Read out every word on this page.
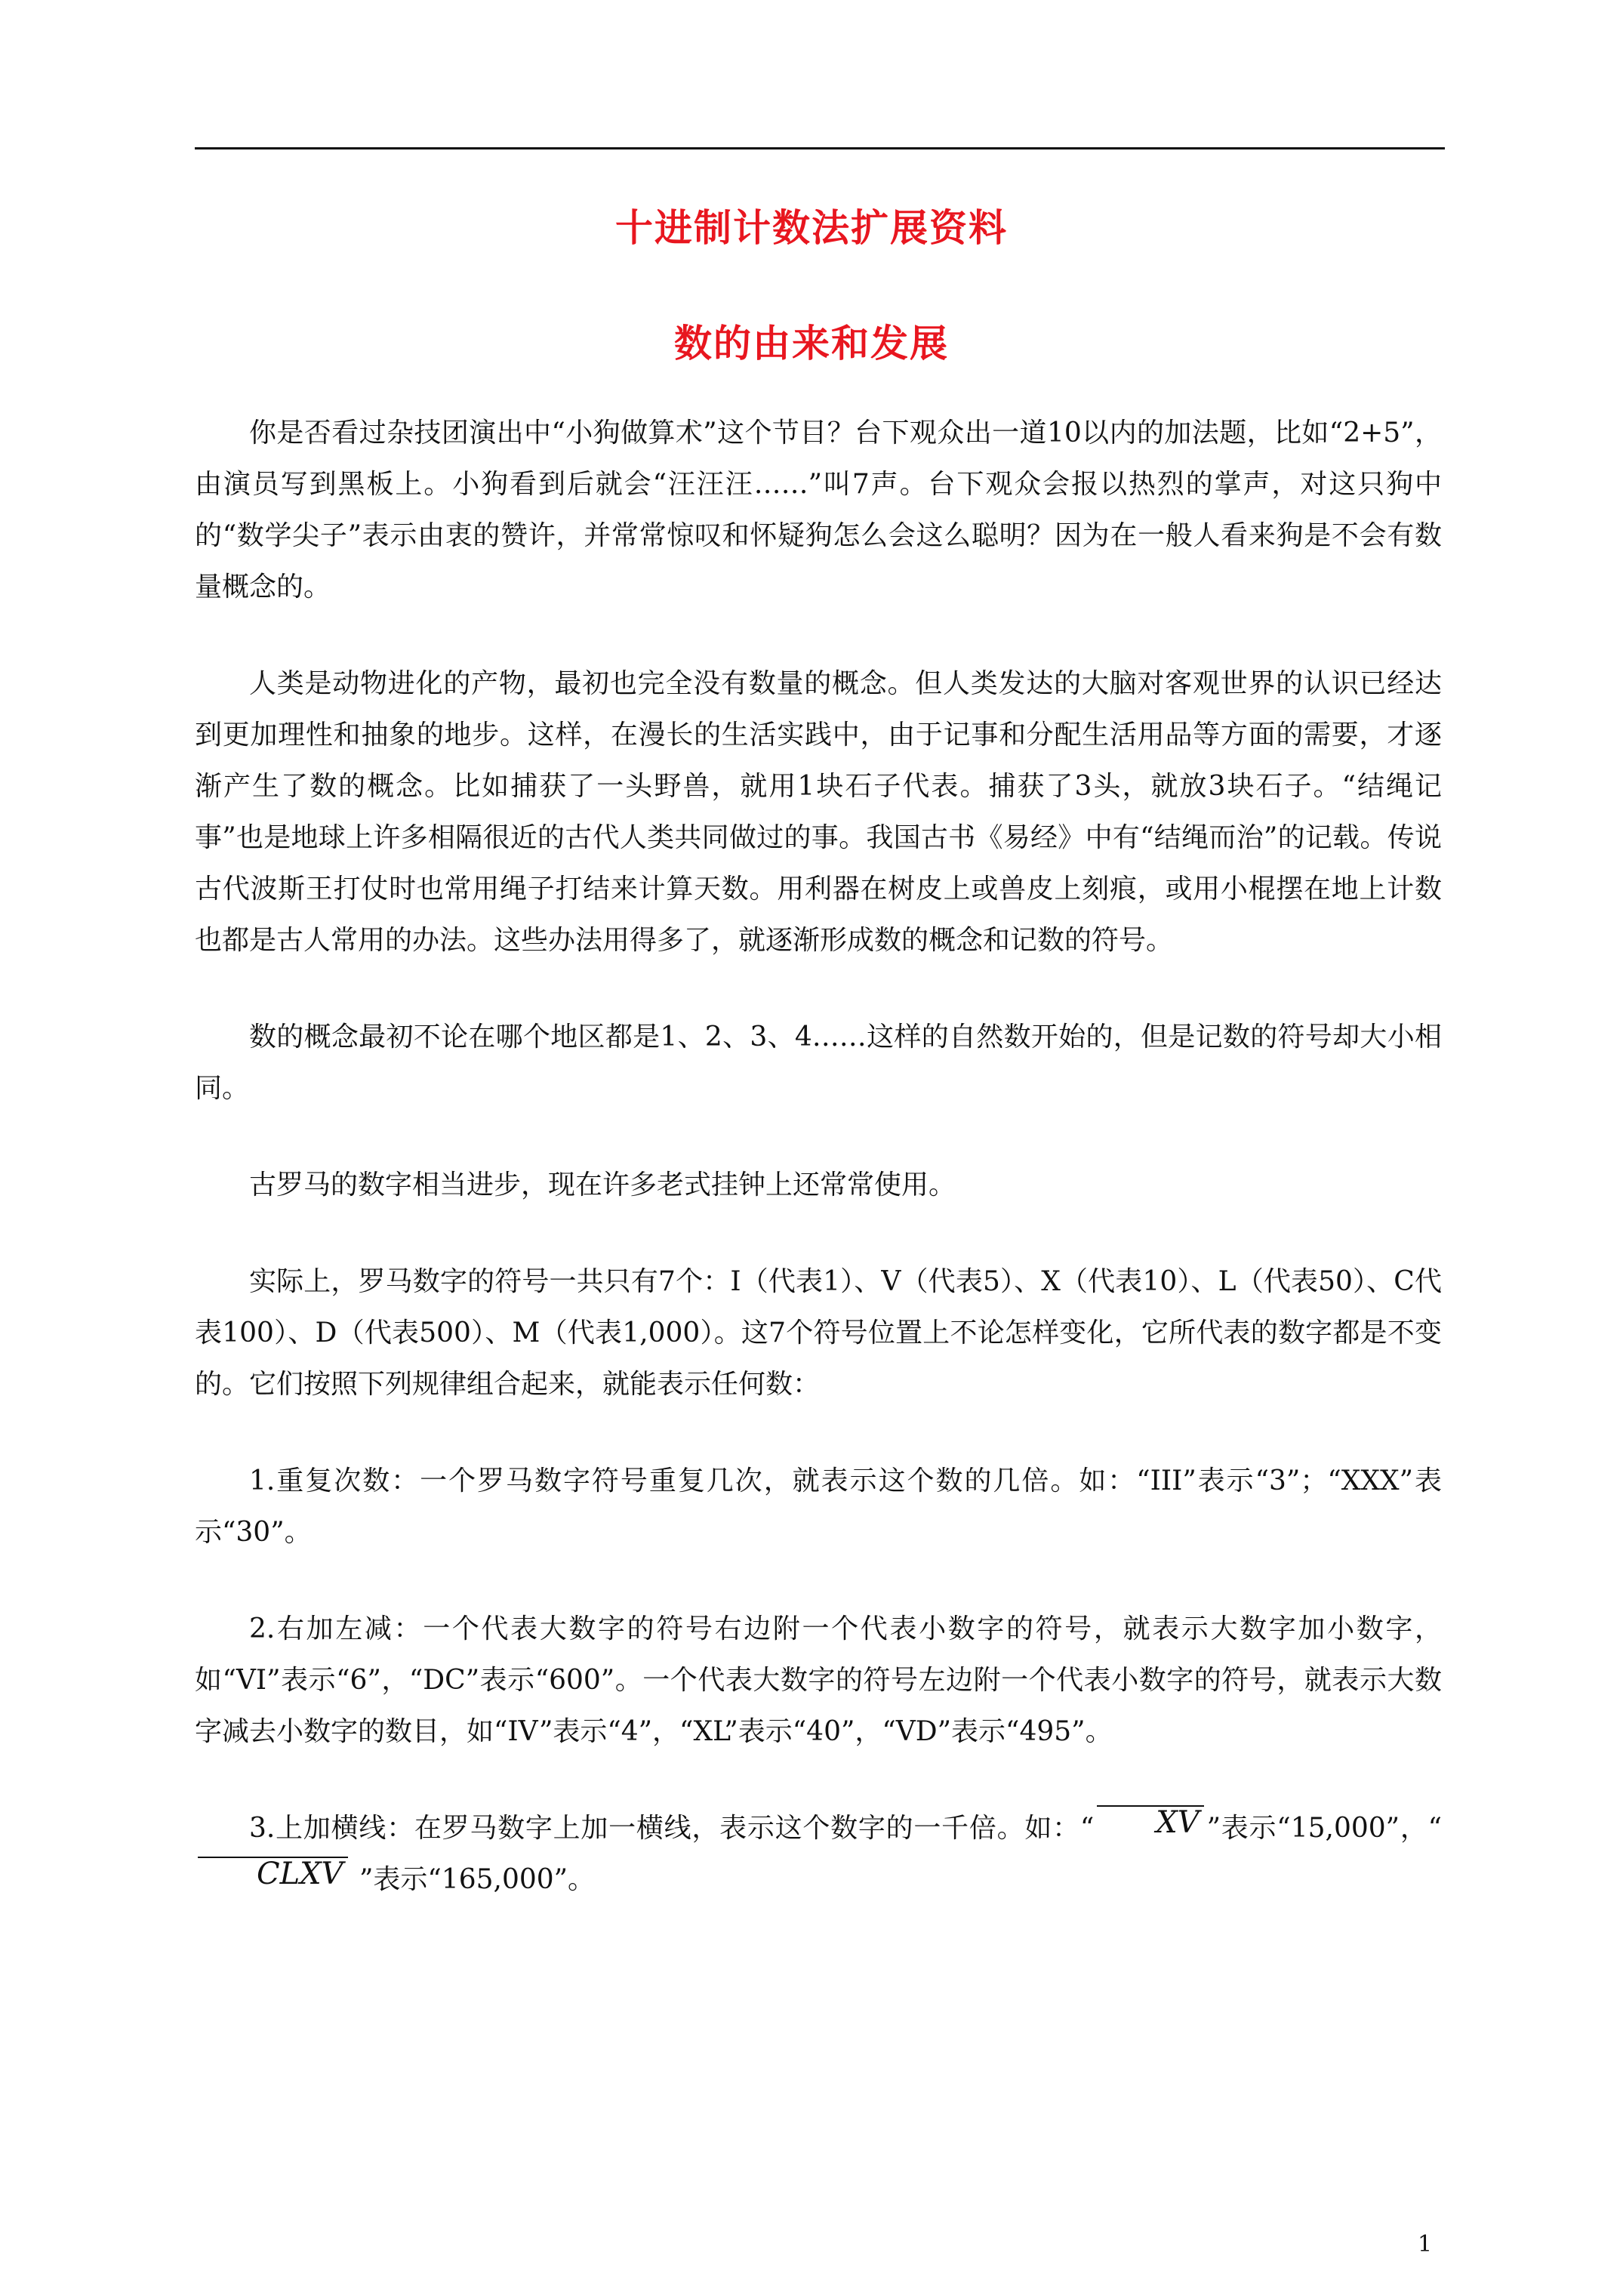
十进制计数法扩展资料
数的由来和发展

你是否看过杂技团演出中“小狗做算术”这个节目？台下观众出一道10以内的加法题，比如“2+5”，由演员写到黑板上。小狗看到后就会“汪汪汪……”叫7声。台下观众会报以热烈的掌声，对这只狗中的“数学尖子”表示由衷的赞许，并常常惊叹和怀疑狗怎么会这么聪明？因为在一般人看来狗是不会有数量概念的。

人类是动物进化的产物，最初也完全没有数量的概念。但人类发达的大脑对客观世界的认识已经达到更加理性和抽象的地步。这样，在漫长的生活实践中，由于记事和分配生活用品等方面的需要，才逐渐产生了数的概念。比如捕获了一头野兽，就用1块石子代表。捕获了3头，就放3块石子。“结绳记事”也是地球上许多相隔很近的古代人类共同做过的事。我国古书《易经》中有“结绳而治”的记载。传说古代波斯王打仗时也常用绳子打结来计算天数。用利器在树皮上或兽皮上刻痕，或用小棍摆在地上计数也都是古人常用的办法。这些办法用得多了，就逐渐形成数的概念和记数的符号。

数的概念最初不论在哪个地区都是1、2、3、4……这样的自然数开始的，但是记数的符号却大小相同。

古罗马的数字相当进步，现在许多老式挂钟上还常常使用。

实际上，罗马数字的符号一共只有7个：I（代表1）、V（代表5）、X（代表10）、L（代表50）、C代表100）、D（代表500）、M（代表1,000）。这7个符号位置上不论怎样变化，它所代表的数字都是不变的。它们按照下列规律组合起来，就能表示任何数：

1.重复次数：一个罗马数字符号重复几次，就表示这个数的几倍。如：“III”表示“3”；“XXX”表示“30”。

2.右加左减：一个代表大数字的符号右边附一个代表小数字的符号，就表示大数字加小数字，如“VI”表示“6”，“DC”表示“600”。一个代表大数字的符号左边附一个代表小数字的符号，就表示大数字减去小数字的数目，如“IV”表示“4”，“XL”表示“40”，“VD”表示“495”。

3.上加横线：在罗马数字上加一横线，表示这个数字的一千倍。如：“ XV ”表示“15,000”，“CLXV ”表示“165,000”。

1
